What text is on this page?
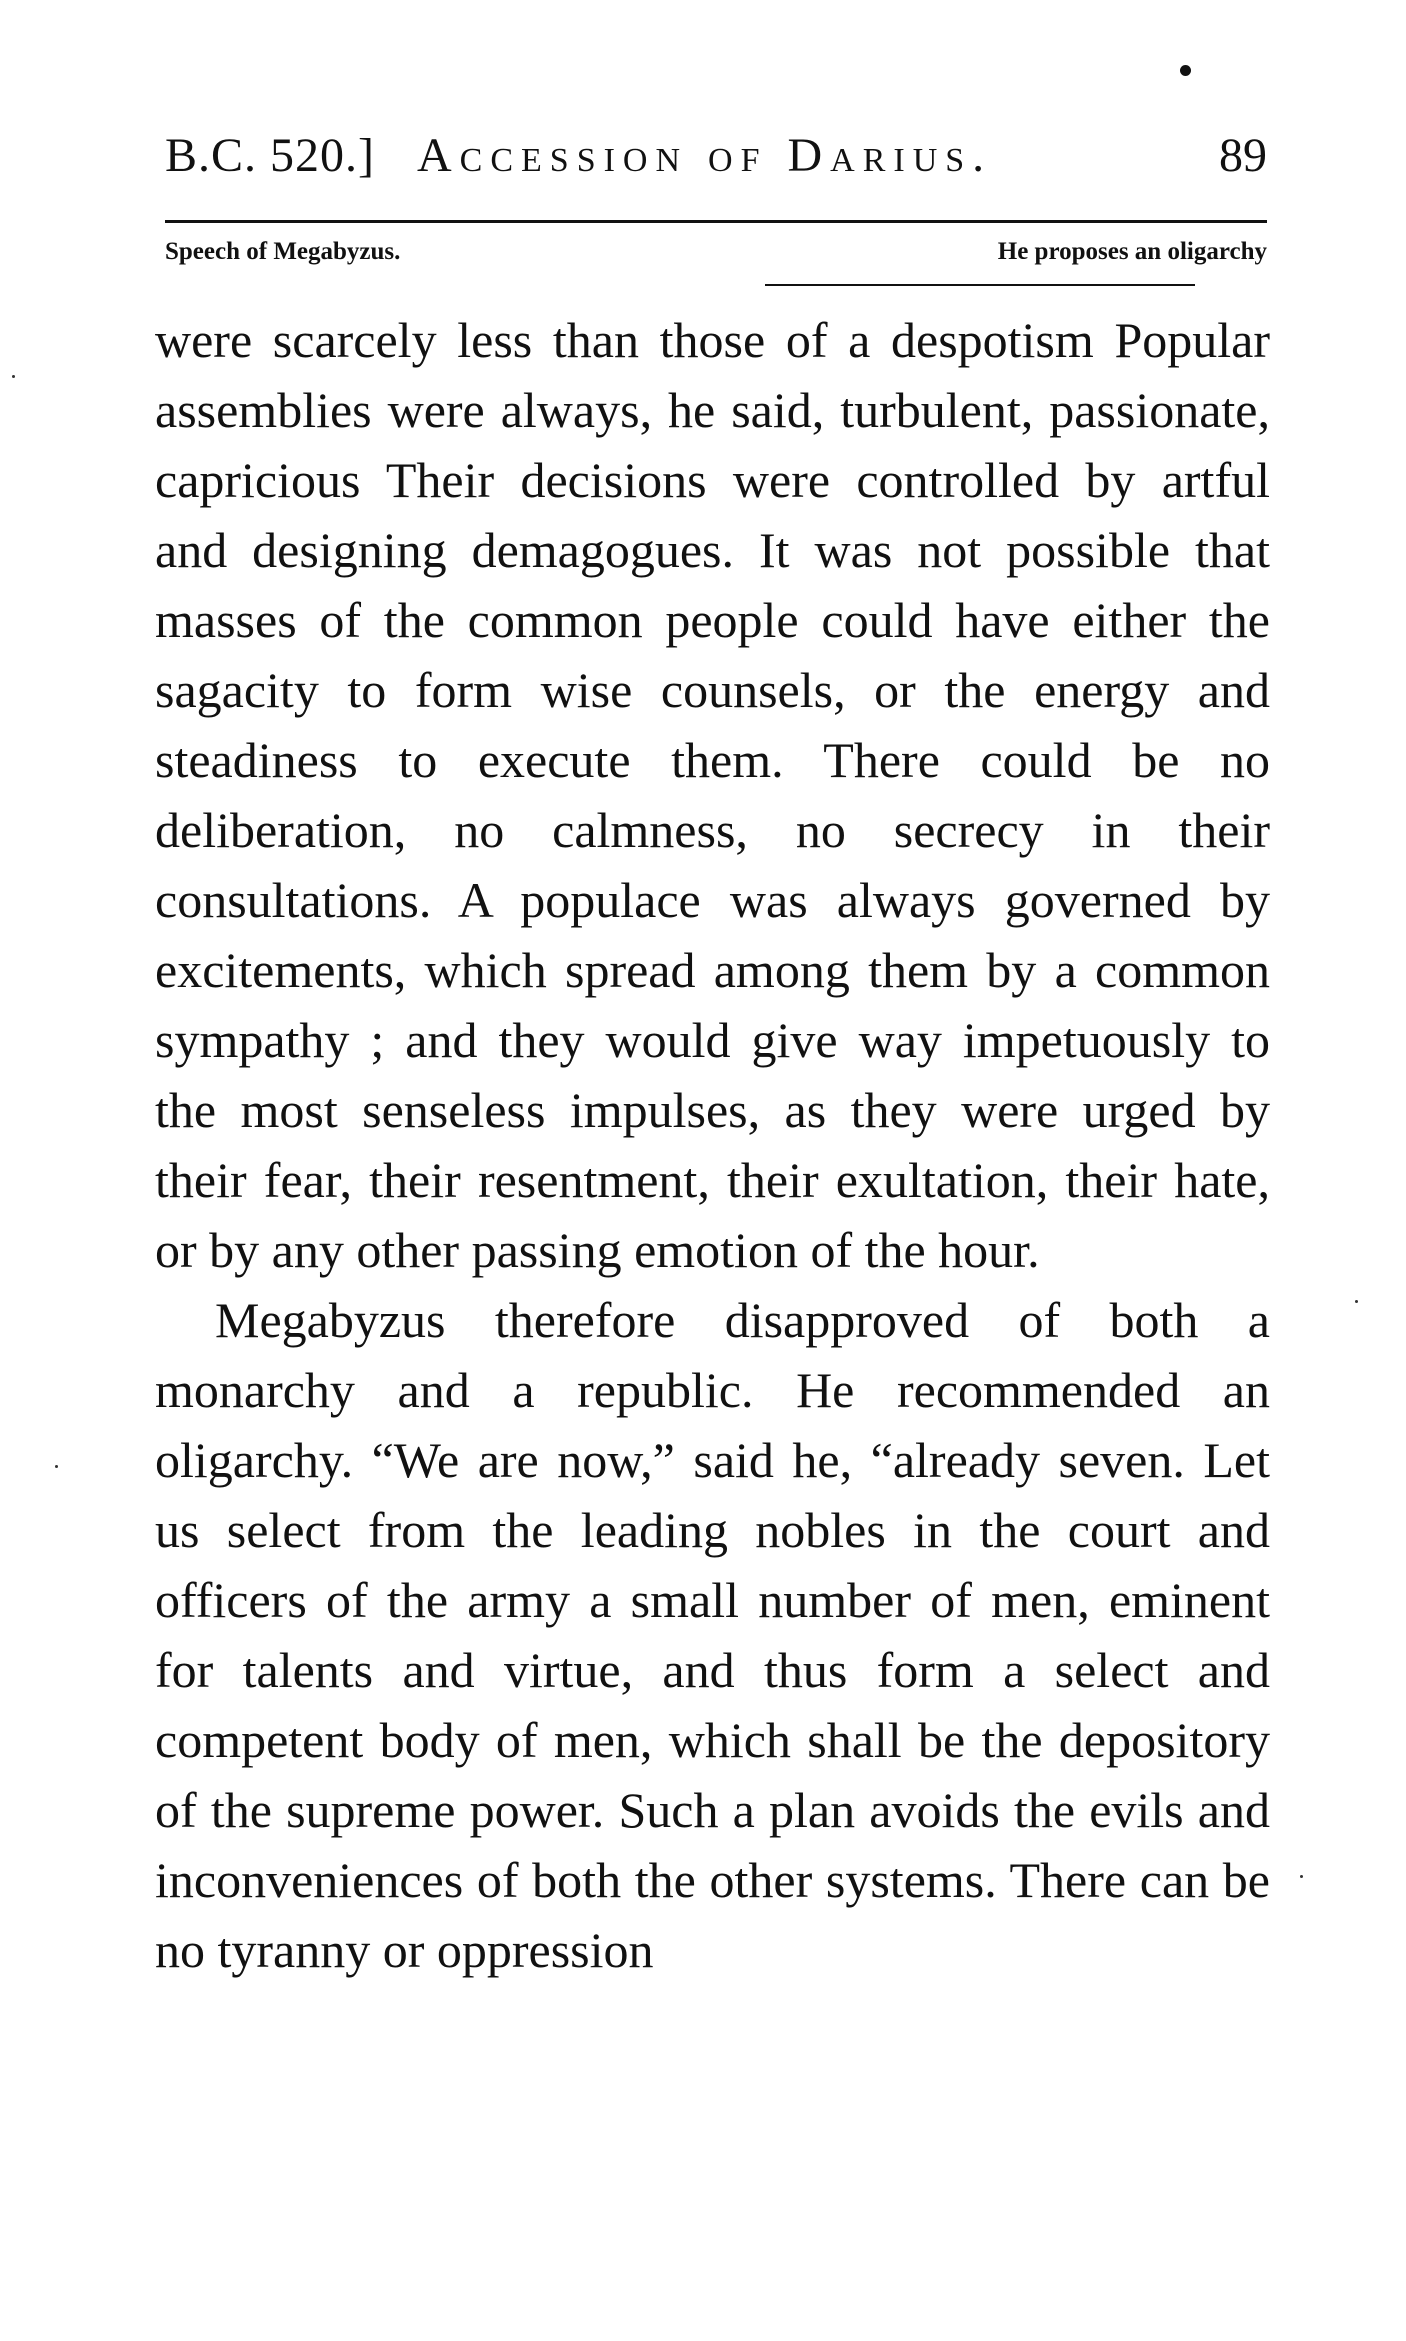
B.C. 520.] Accession of Darius.	89
Speech of Megabyzus.	He proposes an oligarchy

were scarcely less than those of a despotism Popular assemblies were always, he said, turbulent, passionate, capricious Their decisions were controlled by artful and designing demagogues. It was not possible that masses of the common people could have either the sagacity to form wise counsels, or the energy and steadiness to execute them. There could be no deliberation, no calmness, no secrecy in their consultations. A populace was always governed by excitements, which spread among them by a common sympathy ; and they would give way impetuously to the most senseless impulses, as they were urged by their fear, their resentment, their exultation, their hate, or by any other passing emotion of the hour.

Megabyzus therefore disapproved of both a monarchy and a republic. He recommended an oligarchy. “We are now,” said he, “already seven. Let us select from the leading nobles in the court and officers of the army a small number of men, eminent for talents and virtue, and thus form a select and competent body of men, which shall be the depository of the supreme power. Such a plan avoids the evils and inconveniences of both the other systems. There can be no tyranny or oppression
